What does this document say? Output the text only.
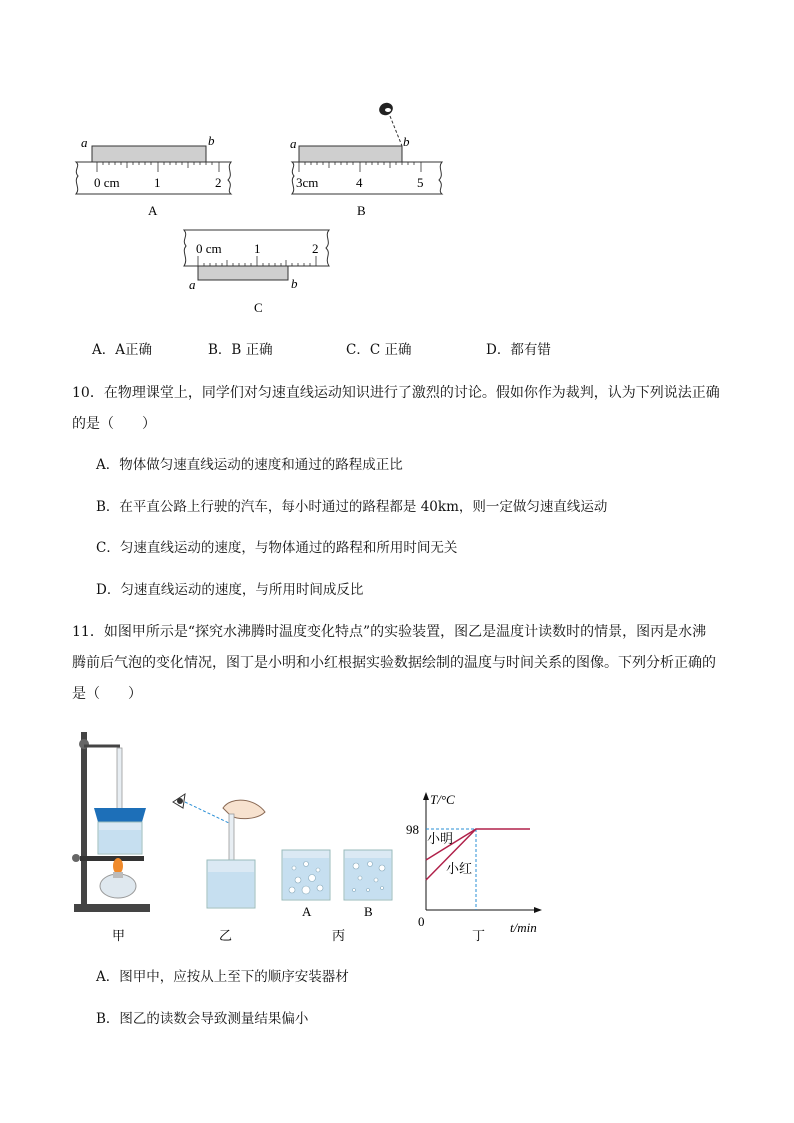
a	b
0 cm	1	2
A
a	b
3cm	4	5
B
0 cm 1	2
a	b
C
A．A正确	B．B 正确	C．C 正确	D．都有错
10．在物理课堂上，同学们对匀速直线运动知识进行了激烈的讨论。假如你作为裁判，认为下列说法正确
的是（　　）
A．物体做匀速直线运动的速度和通过的路程成正比
B．在平直公路上行驶的汽车，每小时通过的路程都是 40km，则一定做匀速直线运动
C．匀速直线运动的速度，与物体通过的路程和所用时间无关
D．匀速直线运动的速度，与所用时间成反比
11．如图甲所示是“探究水沸腾时温度变化特点”的实验装置，图乙是温度计读数时的情景，图丙是水沸
腾前后气泡的变化情况，图丁是小明和小红根据实验数据绘制的温度与时间关系的图像。下列分析正确的
是（　　）
甲	乙
A	B
丙
T/°C
t/min
0
98
小明
小红
丁
A．图甲中，应按从上至下的顺序安装器材
B．图乙的读数会导致测量结果偏小
